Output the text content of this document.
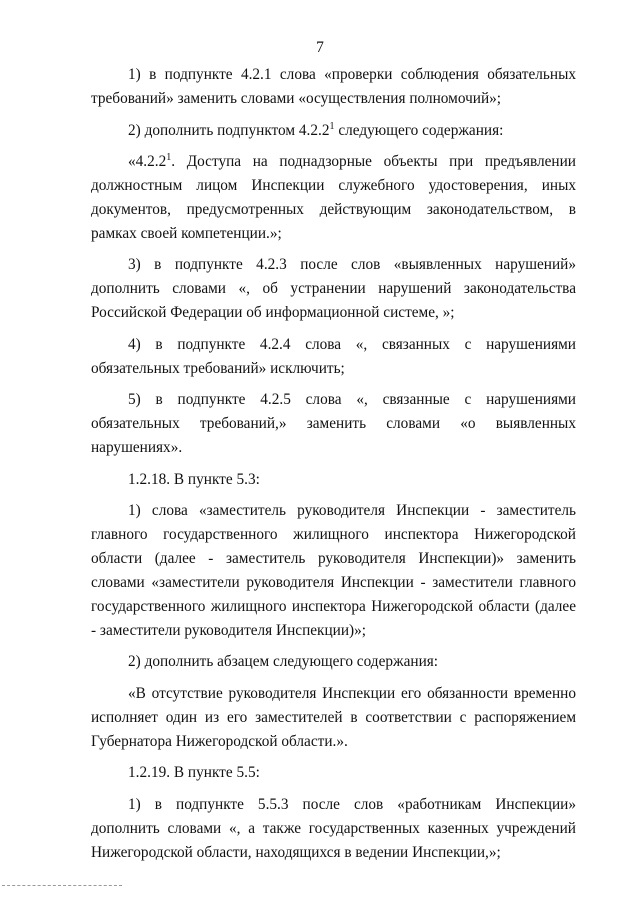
7

1) в подпункте 4.2.1 слова «проверки соблюдения обязательных требований» заменить словами «осуществления полномочий»;

2) дополнить подпунктом 4.2.2$^1$ следующего содержания:

«4.2.2$^1$. Доступа на поднадзорные объекты при предъявлении должностным лицом Инспекции служебного удостоверения, иных документов, предусмотренных действующим законодательством, в рамках своей компетенции.»;

3) в подпункте 4.2.3 после слов «выявленных нарушений» дополнить словами «, об устранении нарушений законодательства Российской Федерации об информационной системе, »;

4) в подпункте 4.2.4 слова «, связанных с нарушениями обязательных требований» исключить;

5) в подпункте 4.2.5 слова «, связанные с нарушениями обязательных требований,» заменить словами «о выявленных нарушениях».

1.2.18. В пункте 5.3:

1) слова «заместитель руководителя Инспекции - заместитель главного государственного жилищного инспектора Нижегородской области (далее - заместитель руководителя Инспекции)» заменить словами «заместители руководителя Инспекции - заместители главного государственного жилищного инспектора Нижегородской области (далее - заместители руководителя Инспекции)»;

2) дополнить абзацем следующего содержания:

«В отсутствие руководителя Инспекции его обязанности временно исполняет один из его заместителей в соответствии с распоряжением Губернатора Нижегородской области.».

1.2.19. В пункте 5.5:

1) в подпункте 5.5.3 после слов «работникам Инспекции» дополнить словами «, а также государственных казенных учреждений Нижегородской области, находящихся в ведении Инспекции,»;
